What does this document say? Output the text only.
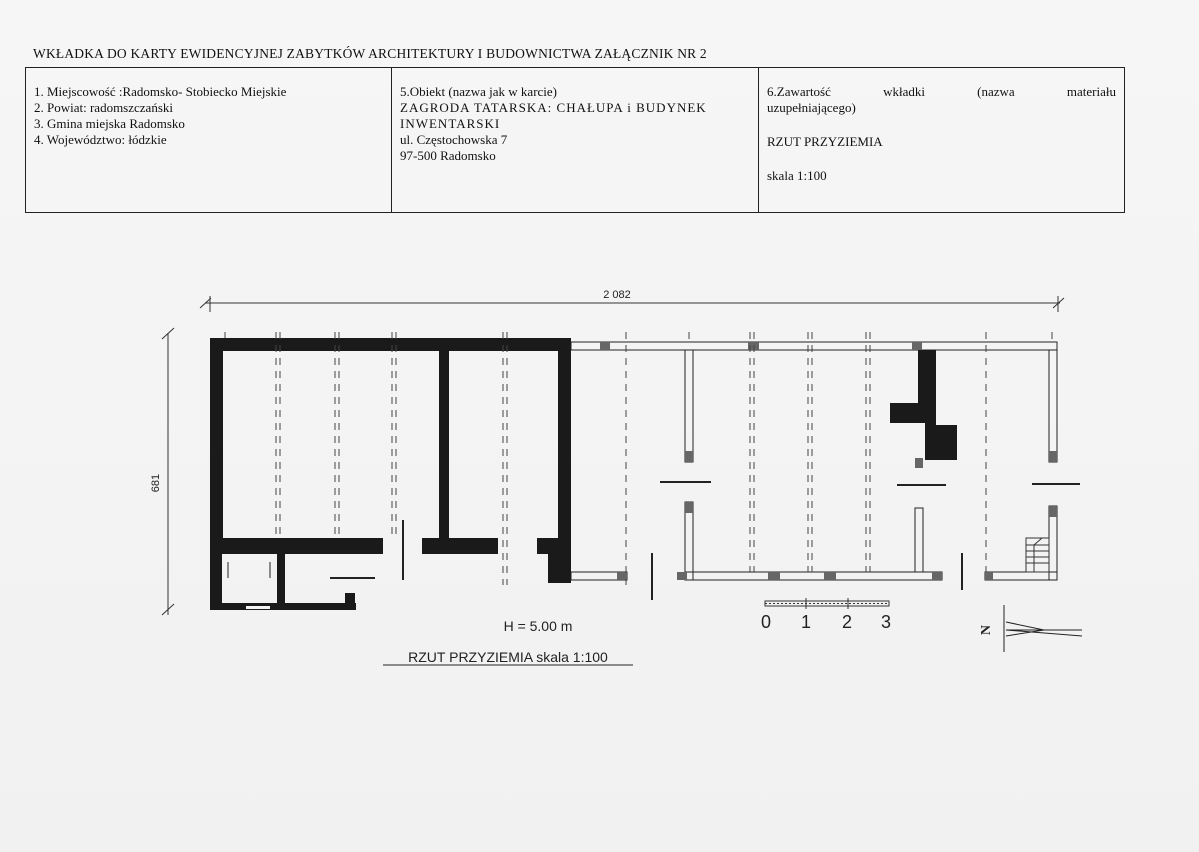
WKŁADKA DO KARTY EWIDENCYJNEJ ZABYTKÓW ARCHITEKTURY I BUDOWNICTWA ZAŁĄCZNIK NR 2
1. Miejscowość :Radomsko- Stobiecko Miejskie
2. Powiat: radomszczański
3. Gmina miejska Radomsko
4. Województwo: łódzkie
5.Obiekt (nazwa jak w karcie)
ZAGRODA TATARSKA: CHAŁUPA i BUDYNEK
INWENTARSKI
ul. Częstochowska 7
97-500 Radomsko
6.Zawartość	wkładki	(nazwa	materiału
uzupełniającego)
RZUT PRZYZIEMIA
skala 1:100
2 082
681
0 1 2 3	N
H = 5.00 m
RZUT PRZYZIEMIA skala 1:100
